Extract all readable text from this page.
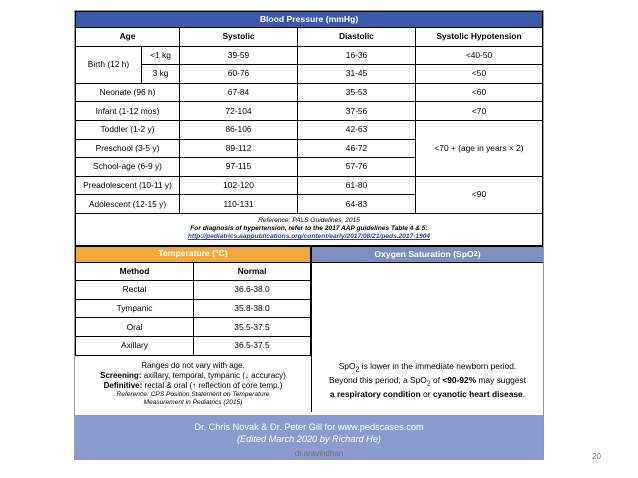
Blood Pressure (mmHg)				
Age		Systolic	Diastolic	Systolic Hypotension
Birth (12 h)	<1 kg	39-59	16-36	<40-50
	3 kg	60-76	31-45	<50
Neonate (96 h)		67-84	35-53	<60
Infant (1-12 mos)		72-104	37-56	<70
Toddler (1-2 y)		86-106	42-63	<70 + (age in years × 2)
Preschool (3-5 y)		89-112	46-72	
School-age (6-9 y)		97-115	57-76	
Preadolescent (10-11 y)		102-120	61-80	<90
Adolescent (12-15 y)		110-131	64-83	

Reference: PALS Guidelines, 2015
For diagnosis of hypertension, refer to the 2017 AAP guidelines Table 4 & 5:
http://pediatrics.aappublications.org/content/early/2017/08/21/peds.2017-1904				
Temperature (°C)	
Method	Normal
Rectal	36.6-38.0
Tympanic	35.8-38.0
Oral	35.5-37.5
Axillary	36.5-37.5
Ranges do not vary with age.
Screening: axillary, temporal, tympanic (↓ accuracy)
Definitive: rectal & oral (↑ reflection of core temp.)
Reference: CPS Position Statement on Temperature
Measurement in Pediatrics (2015)
Oxygen Saturation (SpO 2 )
SpO$_2$ is lower in the immediate newborn period.
Beyond this period, a SpO$_2$ of <90-92% may suggest
a respiratory condition or cyanotic heart disease.
Dr. Chris Novak & Dr. Peter Gill for www.pedscases.com
(Edited March 2020 by Richard He)
dr.aravindhan	20
